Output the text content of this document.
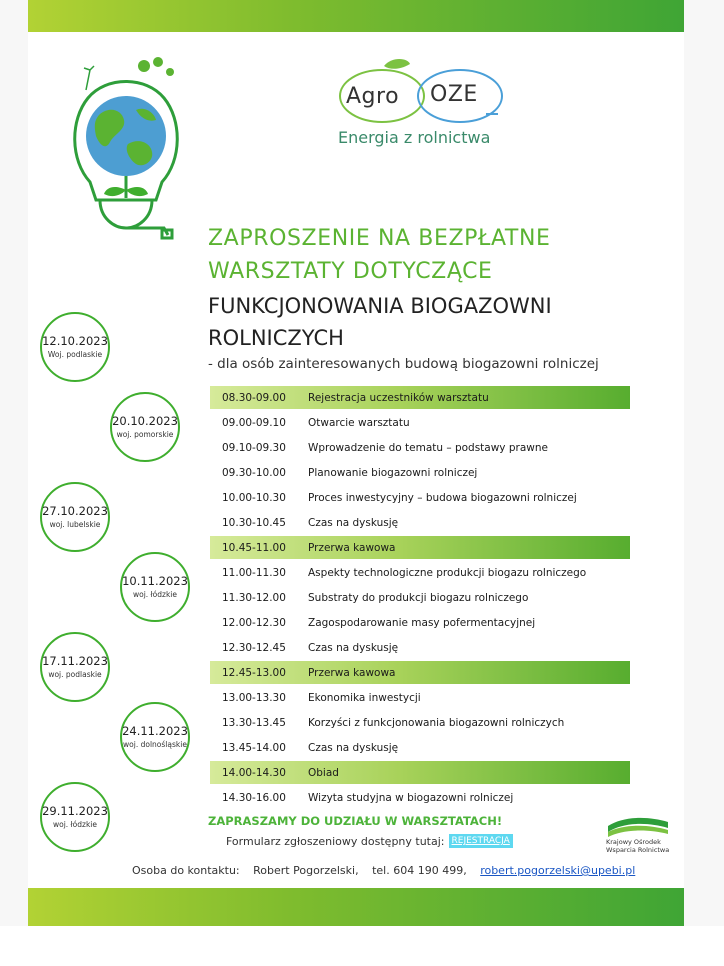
Agro OZE
Energia z rolnictwa
ZAPROSZENIE NA BEZPŁATNE
WARSZTATY DOTYCZĄCE
FUNKCJONOWANIA BIOGAZOWNI
ROLNICZYCH
- dla osób zainteresowanych budową biogazowni rolniczej
12.10.2023
Woj. podlaskie
20.10.2023
woj. pomorskie
27.10.2023
woj. lubelskie
10.11.2023
woj. łódzkie
17.11.2023
woj. podlaskie
24.11.2023
woj. dolnośląskie
29.11.2023
woj. łódzkie
08.30-09.00	Rejestracja uczestników warsztatu
09.00-09.10	Otwarcie warsztatu
09.10-09.30	Wprowadzenie do tematu – podstawy prawne
09.30-10.00	Planowanie biogazowni rolniczej
10.00-10.30	Proces inwestycyjny – budowa biogazowni rolniczej
10.30-10.45	Czas na dyskusję
10.45-11.00	Przerwa kawowa
11.00-11.30	Aspekty technologiczne produkcji biogazu rolniczego
11.30-12.00	Substraty do produkcji biogazu rolniczego
12.00-12.30	Zagospodarowanie masy pofermentacyjnej
12.30-12.45	Czas na dyskusję
12.45-13.00	Przerwa kawowa
13.00-13.30	Ekonomika inwestycji
13.30-13.45	Korzyści z funkcjonowania biogazowni rolniczych
13.45-14.00	Czas na dyskusję
14.00-14.30	Obiad
14.30-16.00	Wizyta studyjna w biogazowni rolniczej
ZAPRASZAMY DO UDZIAŁU W WARSZTATACH!
Formularz zgłoszeniowy dostępny tutaj: REJESTRACJA
Osoba do kontaktu: Robert Pogorzelski, tel. 604 190 499, robert.pogorzelski@upebi.pl
Krajowy Ośrodek
Wsparcia Rolnictwa
